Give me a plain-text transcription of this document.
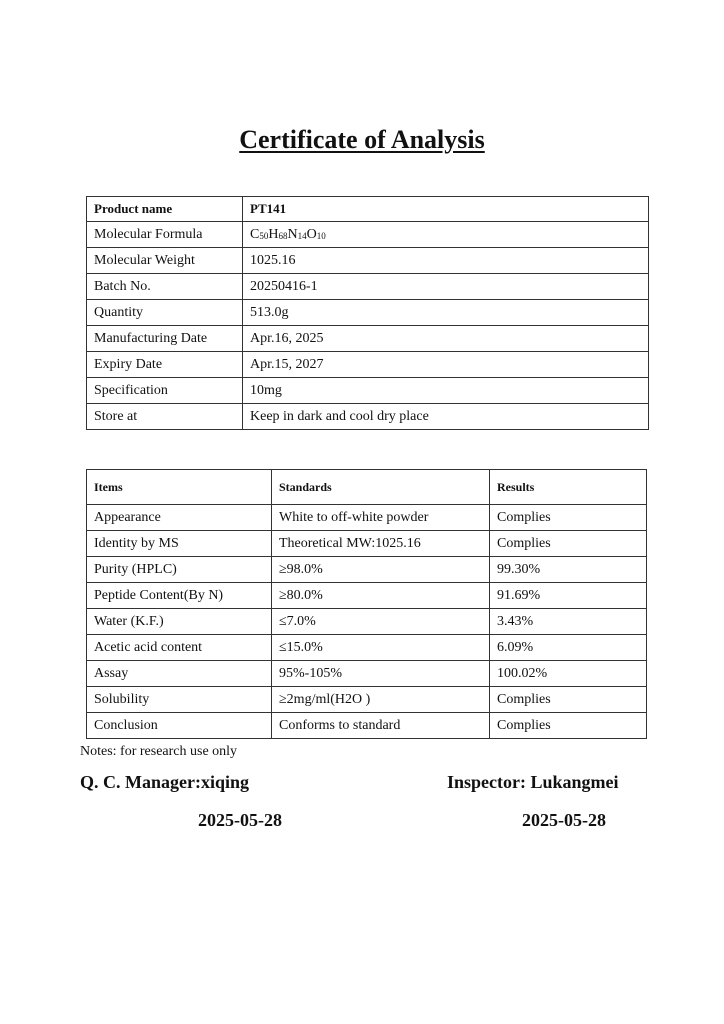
Certificate of Analysis
Product name	PT141
Molecular Formula	$C_{50}H_{68}N_{14}O_{10}$
Molecular Weight	1025.16
Batch No.	20250416-1
Quantity	513.0g
Manufacturing Date	Apr.16, 2025
Expiry Date	Apr.15, 2027
Specification	10mg
Store at	Keep in dark and cool dry place
Items	Standards	Results
Appearance	White to off-white powder	Complies
Identity by MS	Theoretical MW:1025.16	Complies
Purity (HPLC)	≥98.0%	99.30%
Peptide Content(By N)	≥80.0%	91.69%
Water (K.F.)	≤7.0%	3.43%
Acetic acid content	≤15.0%	6.09%
Assay	95%-105%	100.02%
Solubility	≥2mg/ml(H2O )	Complies
Conclusion	Conforms to standard	Complies
Notes: for research use only
Q. C. Manager:xiqing	Inspector: Lukangmei
2025-05-28	2025-05-28
